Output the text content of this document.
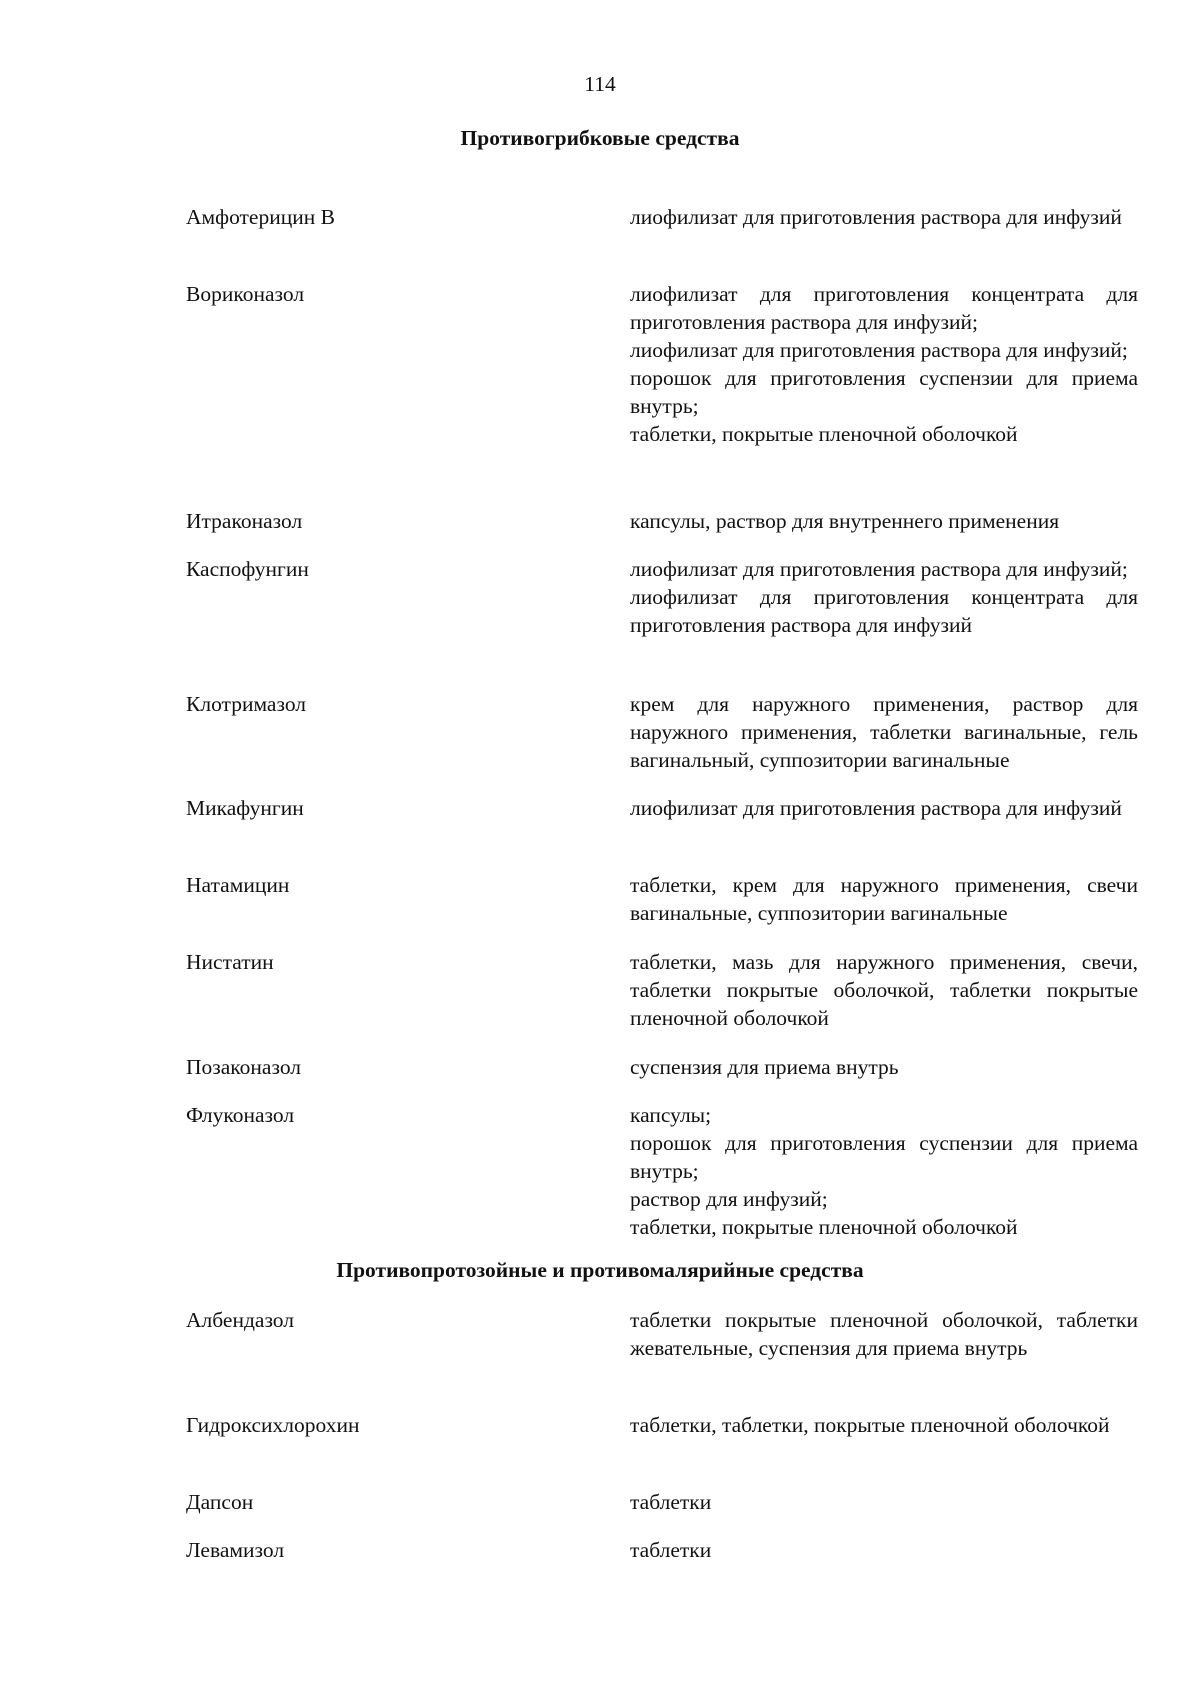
114
Противогрибковые средства
Амфотерицин В	лиофилизат для приготовления раствора для инфузий
Вориконазол	лиофилизат для приготовления концентрата для приготовления раствора для инфузий;
лиофилизат для приготовления раствора для инфузий;
порошок для приготовления суспензии для приема внутрь;
таблетки, покрытые пленочной оболочкой
Итраконазол	капсулы, раствор для внутреннего применения
Каспофунгин	лиофилизат для приготовления раствора для инфузий;
лиофилизат для приготовления концентрата для приготовления раствора для инфузий
Клотримазол	крем для наружного применения, раствор для наружного применения, таблетки вагинальные, гель вагинальный, суппозитории вагинальные
Микафунгин	лиофилизат для приготовления раствора для инфузий
Натамицин	таблетки, крем для наружного применения, свечи вагинальные, суппозитории вагинальные
Нистатин	таблетки, мазь для наружного применения, свечи, таблетки покрытые оболочкой, таблетки покрытые пленочной оболочкой
Позаконазол	суспензия для приема внутрь
Флуконазол	капсулы;
порошок для приготовления суспензии для приема внутрь;
раствор для инфузий;
таблетки, покрытые пленочной оболочкой
Противопротозойные и противомалярийные средства
Албендазол	таблетки покрытые пленочной оболочкой, таблетки жевательные, суспензия для приема внутрь
Гидроксихлорохин	таблетки, таблетки, покрытые пленочной оболочкой
Дапсон	таблетки
Левамизол	таблетки
